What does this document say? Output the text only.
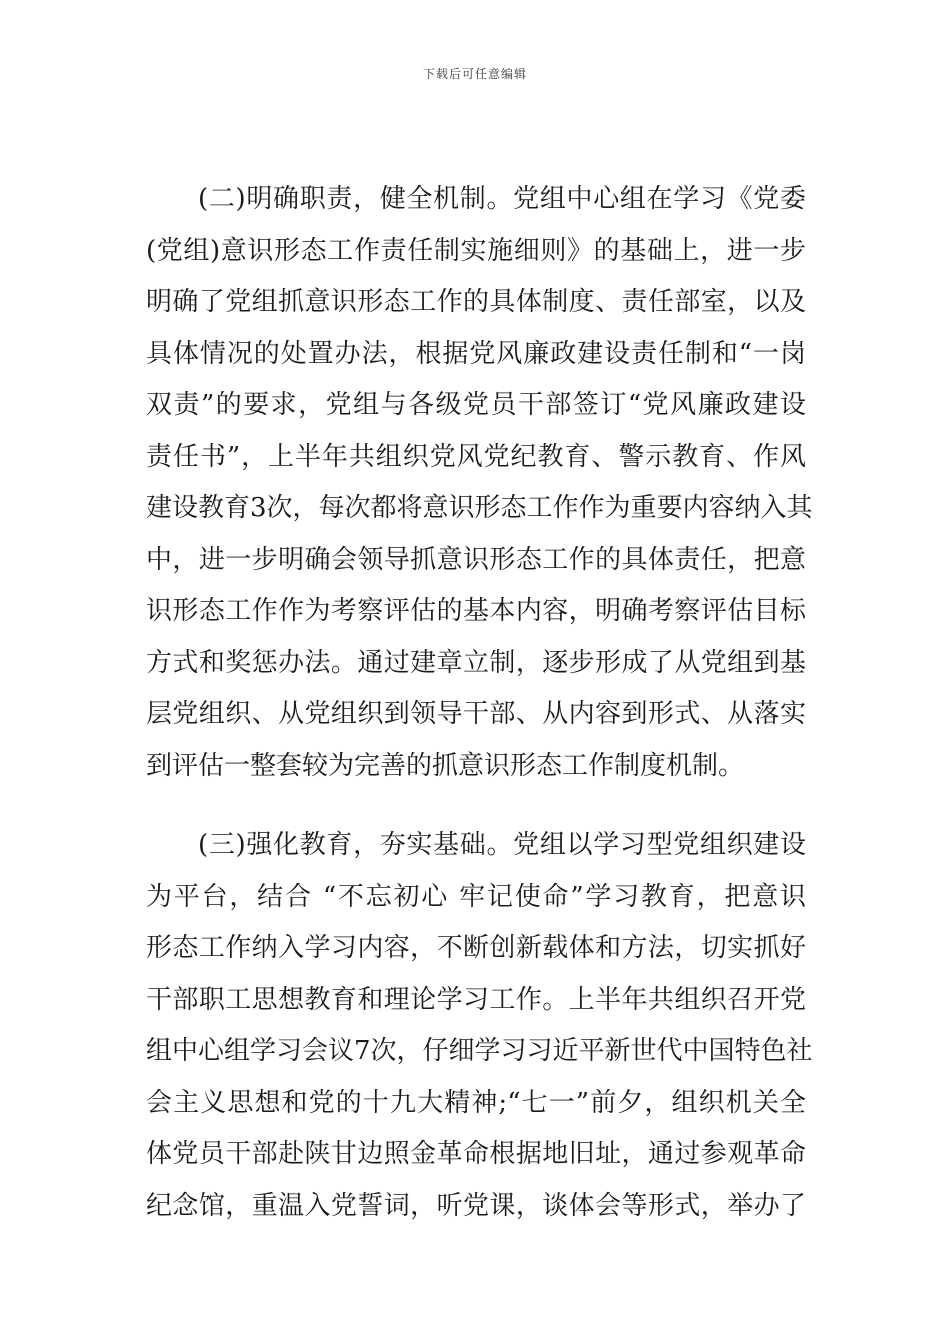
下载后可任意编辑
(二)明确职责，健全机制。党组中心组在学习《党委
(党组)意识形态工作责任制实施细则》的基础上，进一步
明确了党组抓意识形态工作的具体制度、责任部室，以及
具体情况的处置办法，根据党风廉政建设责任制和“一岗
双责”的要求，党组与各级党员干部签订“党风廉政建设
责任书”，上半年共组织党风党纪教育、警示教育、作风
建设教育3次，每次都将意识形态工作作为重要内容纳入其
中，进一步明确会领导抓意识形态工作的具体责任，把意
识形态工作作为考察评估的基本内容，明确考察评估目标
方式和奖惩办法。通过建章立制，逐步形成了从党组到基
层党组织、从党组织到领导干部、从内容到形式、从落实
到评估一整套较为完善的抓意识形态工作制度机制。
(三)强化教育，夯实基础。党组以学习型党组织建设
为平台，结合 “不忘初心 牢记使命”学习教育，把意识
形态工作纳入学习内容，不断创新载体和方法，切实抓好
干部职工思想教育和理论学习工作。上半年共组织召开党
组中心组学习会议7次，仔细学习习近平新世代中国特色社
会主义思想和党的十九大精神;“七一”前夕，组织机关全
体党员干部赴陕甘边照金革命根据地旧址，通过参观革命
纪念馆，重温入党誓词，听党课，谈体会等形式，举办了
